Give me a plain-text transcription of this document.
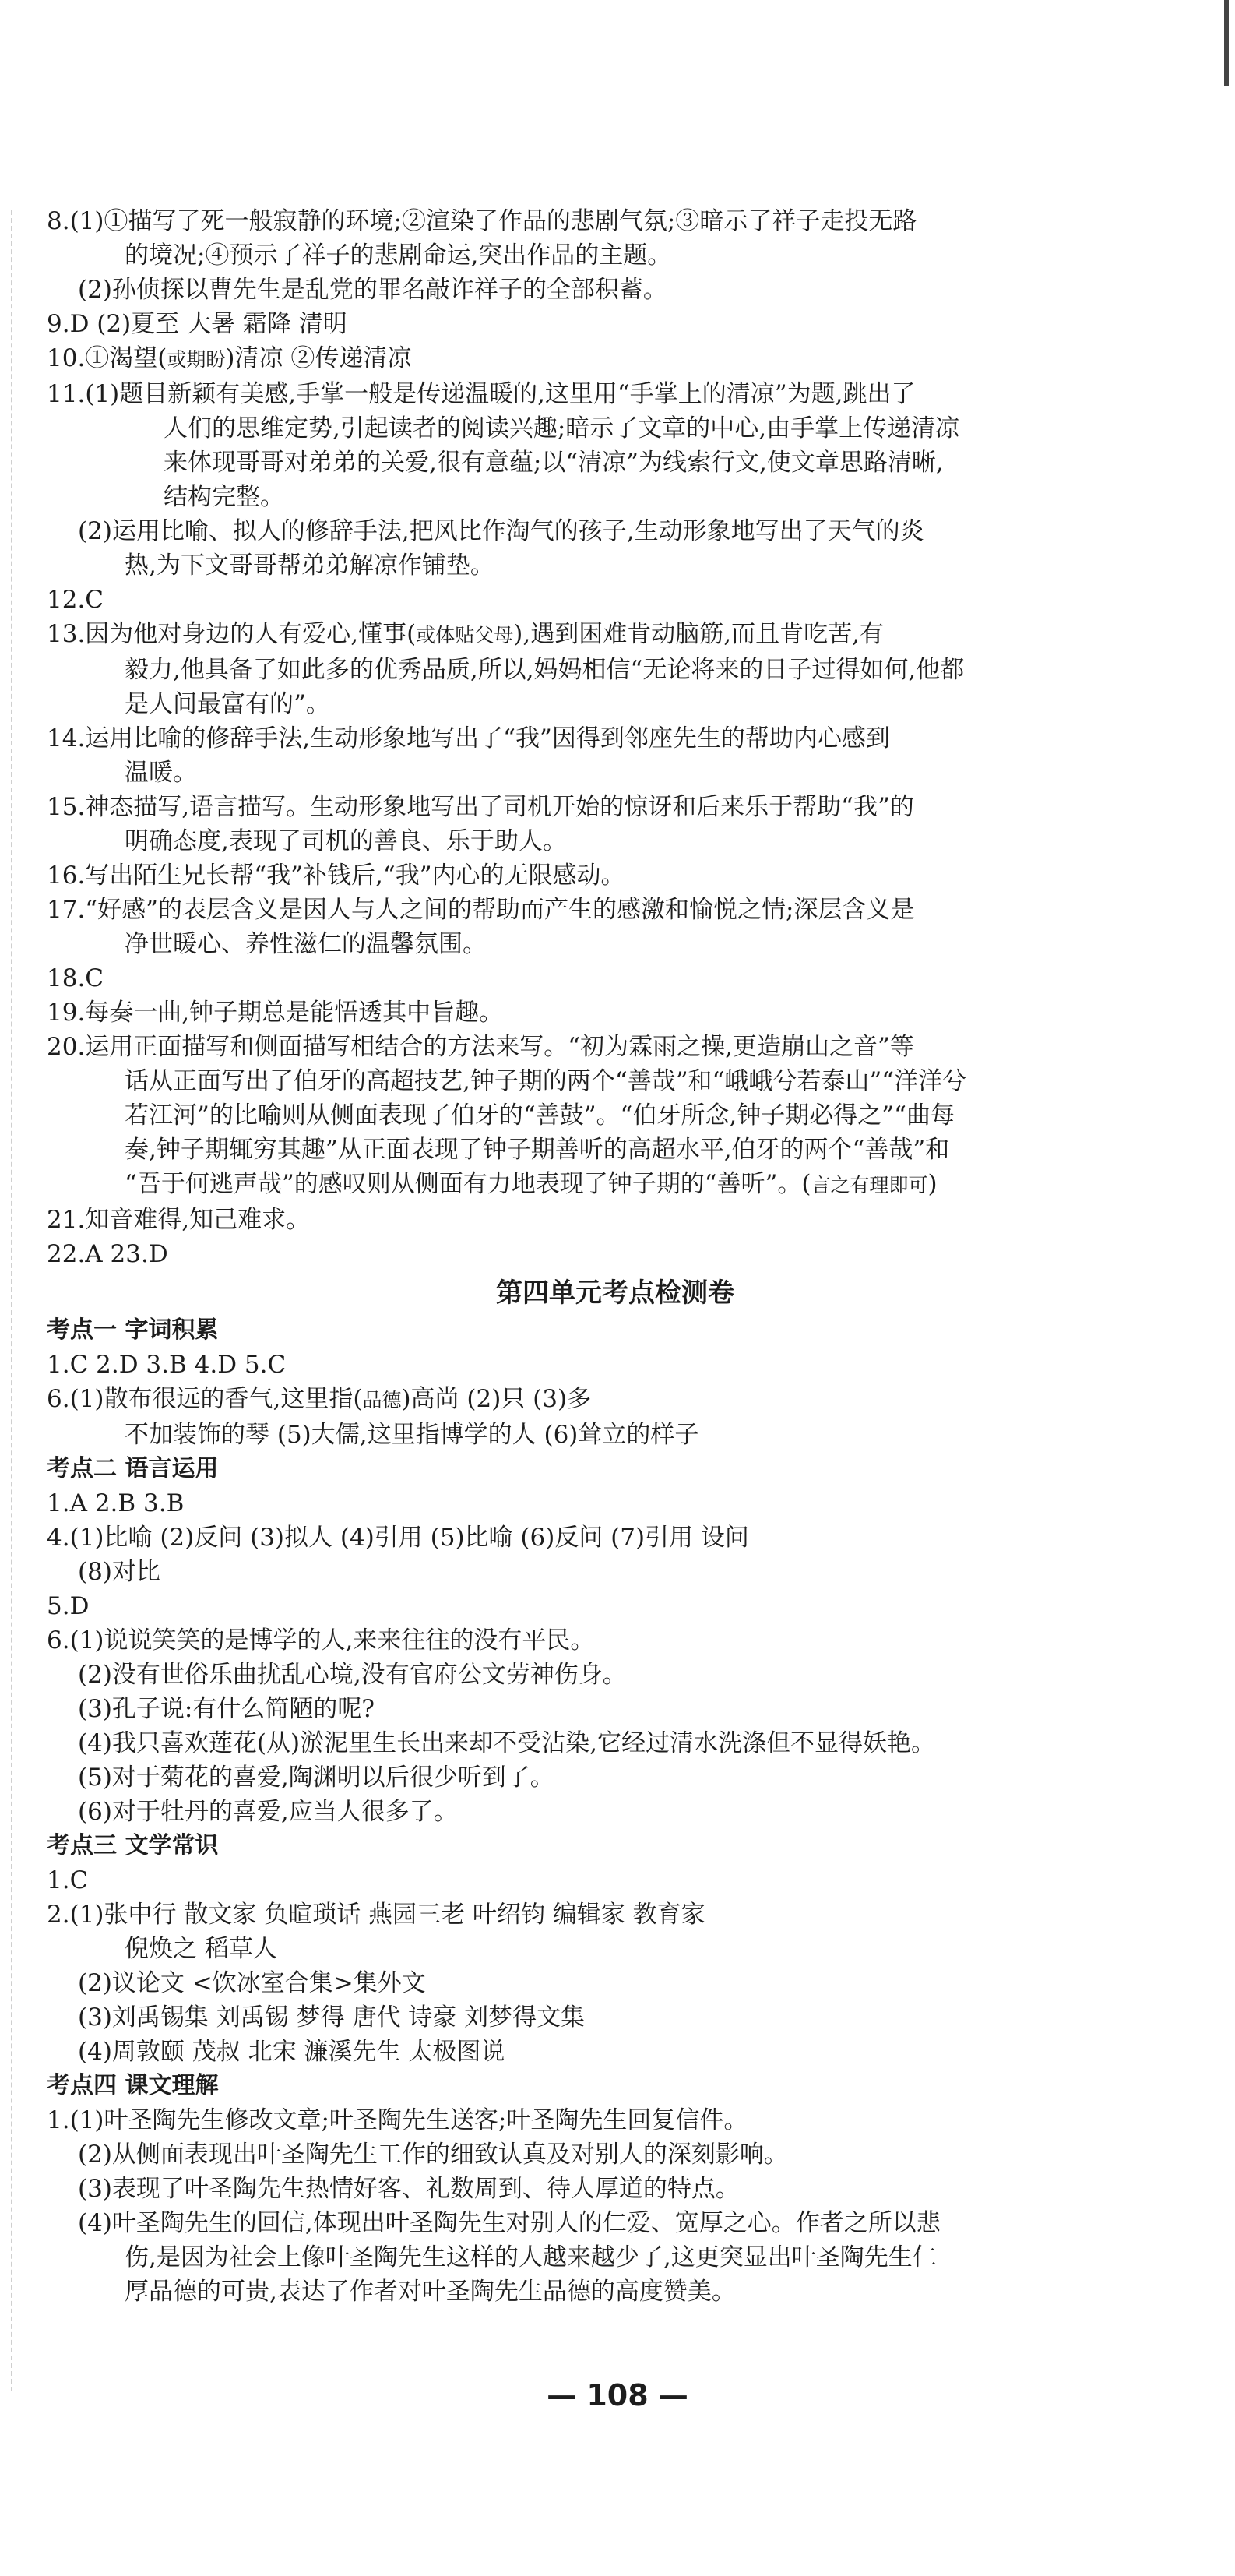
8.(1)①描写了死一般寂静的环境;②渲染了作品的悲剧气氛;③暗示了祥子走投无路
的境况;④预示了祥子的悲剧命运,突出作品的主题。
(2)孙侦探以曹先生是乱党的罪名敲诈祥子的全部积蓄。
9.D (2)夏至 大暑 霜降 清明
10.①渴望(或期盼)清凉 ②传递清凉
11.(1)题目新颖有美感,手掌一般是传递温暖的,这里用“手掌上的清凉”为题,跳出了
人们的思维定势,引起读者的阅读兴趣;暗示了文章的中心,由手掌上传递清凉
来体现哥哥对弟弟的关爱,很有意蕴;以“清凉”为线索行文,使文章思路清晰,
结构完整。
(2)运用比喻、拟人的修辞手法,把风比作淘气的孩子,生动形象地写出了天气的炎
热,为下文哥哥帮弟弟解凉作铺垫。
12.C
13.因为他对身边的人有爱心,懂事(或体贴父母),遇到困难肯动脑筋,而且肯吃苦,有
毅力,他具备了如此多的优秀品质,所以,妈妈相信“无论将来的日子过得如何,他都
是人间最富有的”。
14.运用比喻的修辞手法,生动形象地写出了“我”因得到邻座先生的帮助内心感到
温暖。
15.神态描写,语言描写。生动形象地写出了司机开始的惊讶和后来乐于帮助“我”的
明确态度,表现了司机的善良、乐于助人。
16.写出陌生兄长帮“我”补钱后,“我”内心的无限感动。
17.“好感”的表层含义是因人与人之间的帮助而产生的感激和愉悦之情;深层含义是
净世暖心、养性滋仁的温馨氛围。
18.C
19.每奏一曲,钟子期总是能悟透其中旨趣。
20.运用正面描写和侧面描写相结合的方法来写。“初为霖雨之操,更造崩山之音”等
话从正面写出了伯牙的高超技艺,钟子期的两个“善哉”和“峨峨兮若泰山”“洋洋兮
若江河”的比喻则从侧面表现了伯牙的“善鼓”。“伯牙所念,钟子期必得之”“曲每
奏,钟子期辄穷其趣”从正面表现了钟子期善听的高超水平,伯牙的两个“善哉”和
“吾于何逃声哉”的感叹则从侧面有力地表现了钟子期的“善听”。(言之有理即可)
21.知音难得,知己难求。
22.A 23.D
第四单元考点检测卷
考点一 字词积累
1.C 2.D 3.B 4.D 5.C
6.(1)散布很远的香气,这里指(品德)高尚 (2)只 (3)多
不加装饰的琴 (5)大儒,这里指博学的人 (6)耸立的样子
考点二 语言运用
1.A 2.B 3.B
4.(1)比喻 (2)反问 (3)拟人 (4)引用 (5)比喻 (6)反问 (7)引用 设问
(8)对比
5.D
6.(1)说说笑笑的是博学的人,来来往往的没有平民。
(2)没有世俗乐曲扰乱心境,没有官府公文劳神伤身。
(3)孔子说:有什么简陋的呢?
(4)我只喜欢莲花(从)淤泥里生长出来却不受沾染,它经过清水洗涤但不显得妖艳。
(5)对于菊花的喜爱,陶渊明以后很少听到了。
(6)对于牡丹的喜爱,应当人很多了。
考点三 文学常识
1.C
2.(1)张中行 散文家 负暄琐话 燕园三老 叶绍钧 编辑家 教育家
倪焕之 稻草人
(2)议论文 <饮冰室合集>集外文
(3)刘禹锡集 刘禹锡 梦得 唐代 诗豪 刘梦得文集
(4)周敦颐 茂叔 北宋 濂溪先生 太极图说
考点四 课文理解
1.(1)叶圣陶先生修改文章;叶圣陶先生送客;叶圣陶先生回复信件。
(2)从侧面表现出叶圣陶先生工作的细致认真及对别人的深刻影响。
(3)表现了叶圣陶先生热情好客、礼数周到、待人厚道的特点。
(4)叶圣陶先生的回信,体现出叶圣陶先生对别人的仁爱、宽厚之心。作者之所以悲
伤,是因为社会上像叶圣陶先生这样的人越来越少了,这更突显出叶圣陶先生仁
厚品德的可贵,表达了作者对叶圣陶先生品德的高度赞美。
— 108 —
